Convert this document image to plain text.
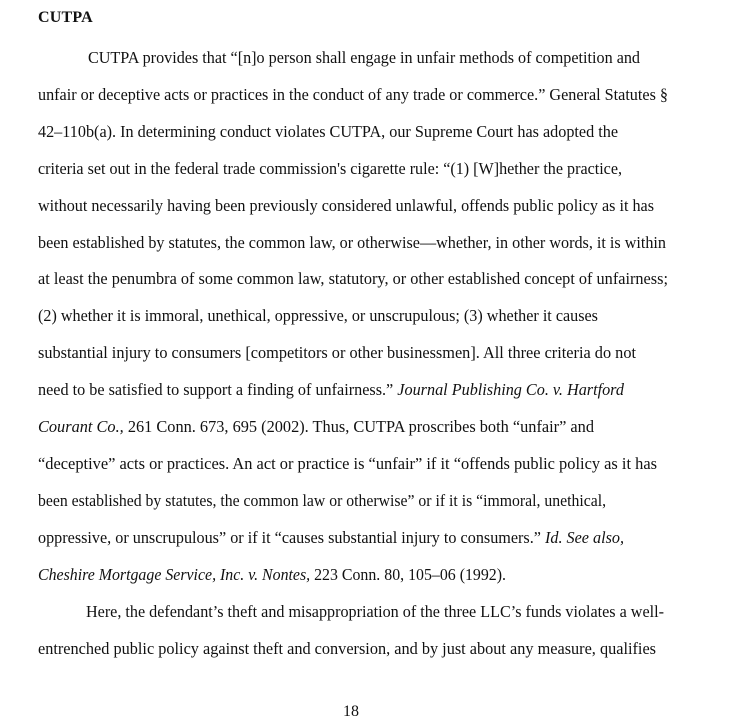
CUTPA

CUTPA provides that “[n]o person shall engage in unfair methods of competition and

unfair or deceptive acts or practices in the conduct of any trade or commerce.” General Statutes §

42–110b(a). In determining conduct violates CUTPA, our Supreme Court has adopted the

criteria set out in the federal trade commission's cigarette rule: “(1) [W]hether the practice,

without necessarily having been previously considered unlawful, offends public policy as it has

been established by statutes, the common law, or otherwise—whether, in other words, it is within

at least the penumbra of some common law, statutory, or other established concept of unfairness;

(2) whether it is immoral, unethical, oppressive, or unscrupulous; (3) whether it causes

substantial injury to consumers [competitors or other businessmen]. All three criteria do not

need to be satisfied to support a finding of unfairness.” Journal Publishing Co. v. Hartford

Courant Co., 261 Conn. 673, 695 (2002). Thus, CUTPA proscribes both “unfair” and

“deceptive” acts or practices. An act or practice is “unfair” if it “offends public policy as it has

been established by statutes, the common law or otherwise” or if it is “immoral, unethical,

oppressive, or unscrupulous” or if it “causes substantial injury to consumers.” Id. See also,

Cheshire Mortgage Service, Inc. v. Nontes, 223 Conn. 80, 105–06 (1992).

Here, the defendant’s theft and misappropriation of the three LLC’s funds violates a well-

entrenched public policy against theft and conversion, and by just about any measure, qualifies

18
